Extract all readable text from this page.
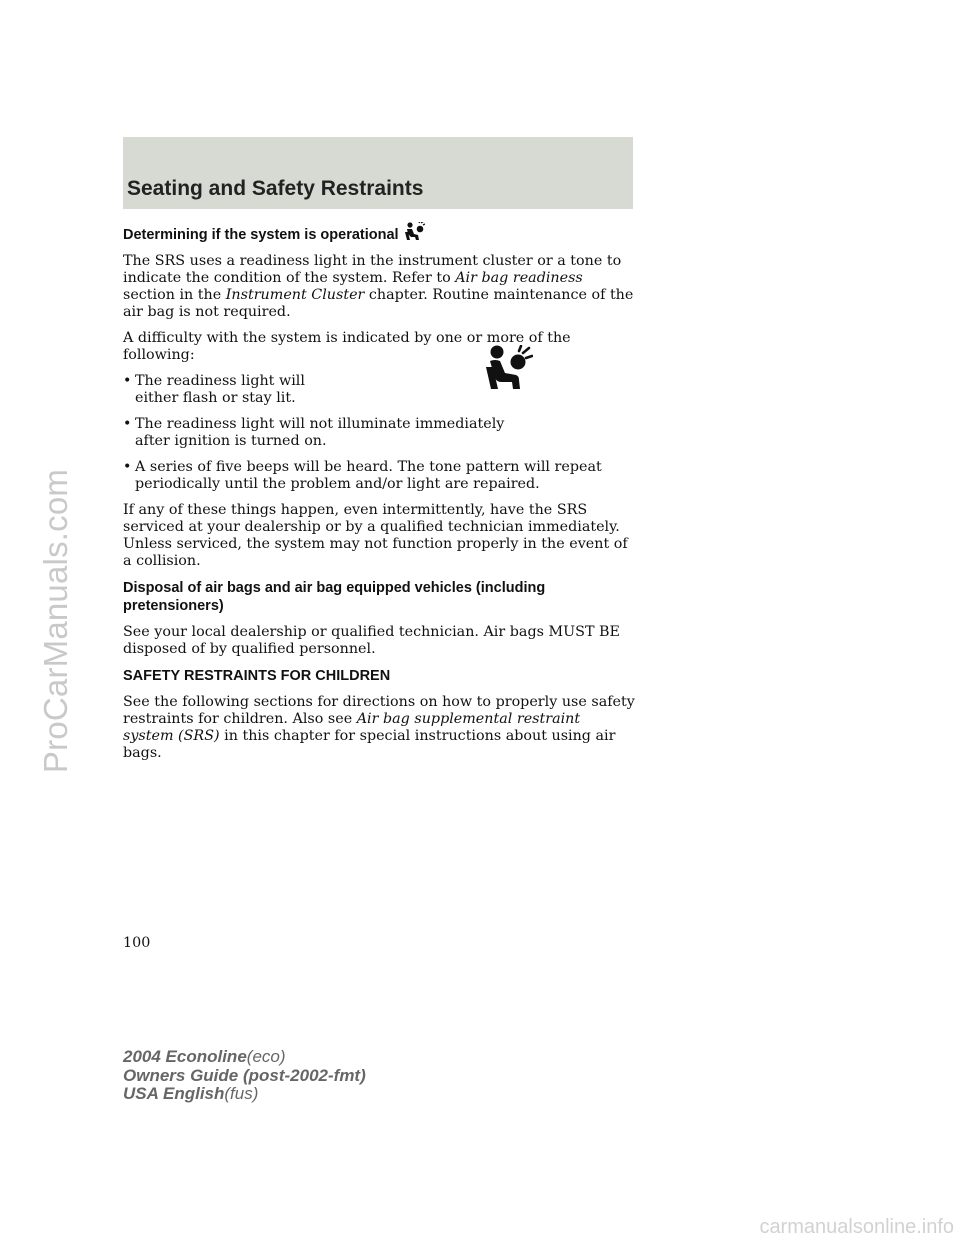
ProCarManuals.com
Seating and Safety Restraints
Determining if the system is operational

The SRS uses a readiness light in the instrument cluster or a tone to indicate the condition of the system. Refer to Air bag readiness section in the Instrument Cluster chapter. Routine maintenance of the air bag is not required.

A difficulty with the system is indicated by one or more of the following:

• The readiness light will either flash or stay lit.
• The readiness light will not illuminate immediately after ignition is turned on.
• A series of five beeps will be heard. The tone pattern will repeat periodically until the problem and/or light are repaired.

If any of these things happen, even intermittently, have the SRS serviced at your dealership or by a qualified technician immediately. Unless serviced, the system may not function properly in the event of a collision.

Disposal of air bags and air bag equipped vehicles (including pretensioners)

See your local dealership or qualified technician. Air bags MUST BE disposed of by qualified personnel.

SAFETY RESTRAINTS FOR CHILDREN

See the following sections for directions on how to properly use safety restraints for children. Also see Air bag supplemental restraint system (SRS) in this chapter for special instructions about using air bags.

100
2004 Econoline(eco)
Owners Guide (post-2002-fmt)
USA English(fus)
carmanualsonline.info
